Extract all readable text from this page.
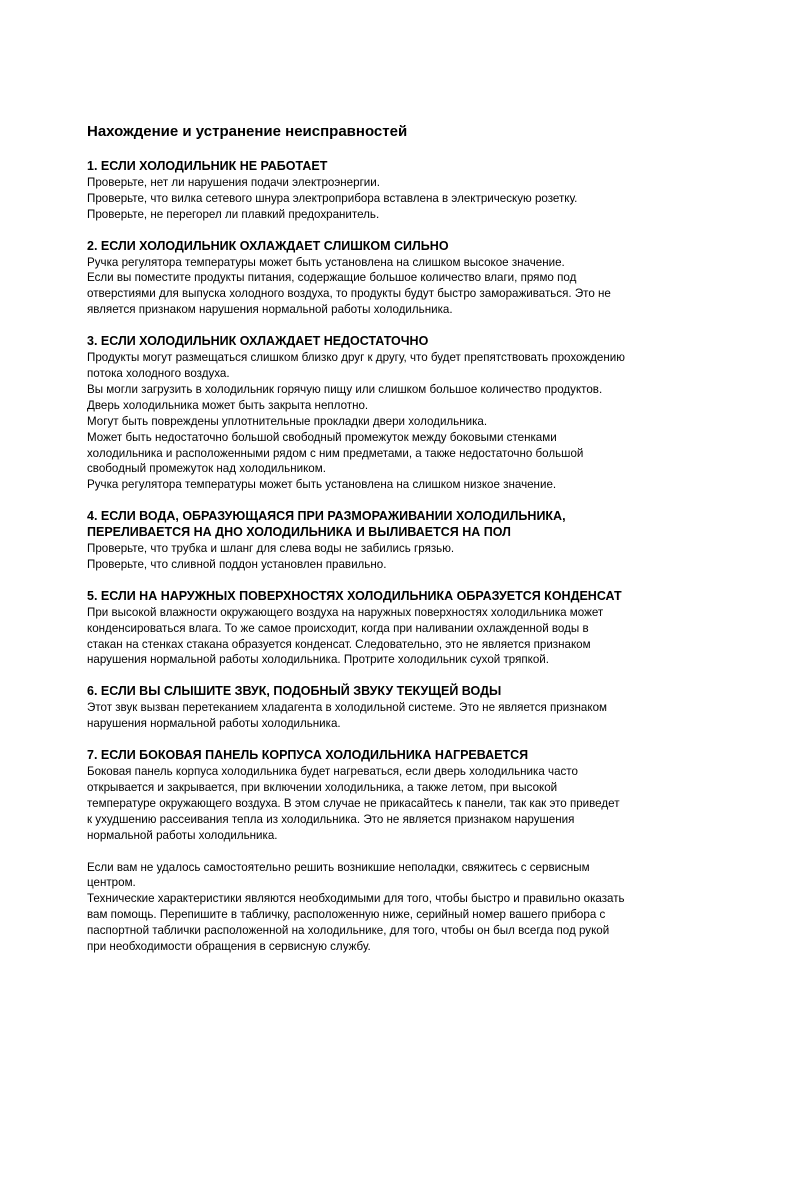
Нахождение и устранение неисправностей
1. ЕСЛИ ХОЛОДИЛЬНИК НЕ РАБОТАЕТ
Проверьте, нет ли нарушения подачи электроэнергии.
Проверьте, что вилка сетевого шнура электроприбора вставлена в электрическую розетку.
Проверьте, не перегорел ли плавкий предохранитель.
2. ЕСЛИ ХОЛОДИЛЬНИК ОХЛАЖДАЕТ СЛИШКОМ СИЛЬНО
Ручка регулятора температуры может быть установлена на слишком высокое значение.
Если вы поместите продукты питания, содержащие большое количество влаги, прямо под
отверстиями для выпуска холодного воздуха, то продукты будут быстро замораживаться. Это не
является признаком нарушения нормальной работы холодильника.
3. ЕСЛИ ХОЛОДИЛЬНИК ОХЛАЖДАЕТ НЕДОСТАТОЧНО
Продукты могут размещаться слишком близко друг к другу, что будет препятствовать прохождению
потока холодного воздуха.
Вы могли загрузить в холодильник горячую пищу или слишком большое количество продуктов.
Дверь холодильника может быть закрыта неплотно.
Могут быть повреждены уплотнительные прокладки двери холодильника.
Может быть недостаточно большой свободный промежуток между боковыми стенками
холодильника и расположенными рядом с ним предметами, а также недостаточно большой
свободный промежуток над холодильником.
Ручка регулятора температуры может быть установлена на слишком низкое значение.
4. ЕСЛИ ВОДА, ОБРАЗУЮЩАЯСЯ ПРИ РАЗМОРАЖИВАНИИ ХОЛОДИЛЬНИКА,
ПЕРЕЛИВАЕТСЯ НА ДНО ХОЛОДИЛЬНИКА И ВЫЛИВАЕТСЯ НА ПОЛ
Проверьте, что трубка и шланг для слева воды не забились грязью.
Проверьте, что сливной поддон установлен правильно.
5. ЕСЛИ НА НАРУЖНЫХ ПОВЕРХНОСТЯХ ХОЛОДИЛЬНИКА ОБРАЗУЕТСЯ КОНДЕНСАТ
При высокой влажности окружающего воздуха на наружных поверхностях холодильника может
конденсироваться влага. То же самое происходит, когда при наливании охлажденной воды в
стакан на стенках стакана образуется конденсат. Следовательно, это не является признаком
нарушения нормальной работы холодильника. Протрите холодильник сухой тряпкой.
6. ЕСЛИ ВЫ СЛЫШИТЕ ЗВУК, ПОДОБНЫЙ ЗВУКУ ТЕКУЩЕЙ ВОДЫ
Этот звук вызван перетеканием хладагента в холодильной системе. Это не является признаком
нарушения нормальной работы холодильника.
7. ЕСЛИ БОКОВАЯ ПАНЕЛЬ КОРПУСА ХОЛОДИЛЬНИКА НАГРЕВАЕТСЯ
Боковая панель корпуса холодильника будет нагреваться, если дверь холодильника часто
открывается и закрывается, при включении холодильника, а также летом, при высокой
температуре окружающего воздуха. В этом случае не прикасайтесь к панели, так как это приведет
к ухудшению рассеивания тепла из холодильника. Это не является признаком нарушения
нормальной работы холодильника.
Если вам не удалось самостоятельно решить возникшие неполадки, свяжитесь с сервисным
центром.
Технические характеристики являются необходимыми для того, чтобы быстро и правильно оказать
вам помощь. Перепишите в табличку, расположенную ниже, серийный номер вашего прибора с
паспортной таблички расположенной на холодильнике, для того, чтобы он был всегда под рукой
при необходимости обращения в сервисную службу.
